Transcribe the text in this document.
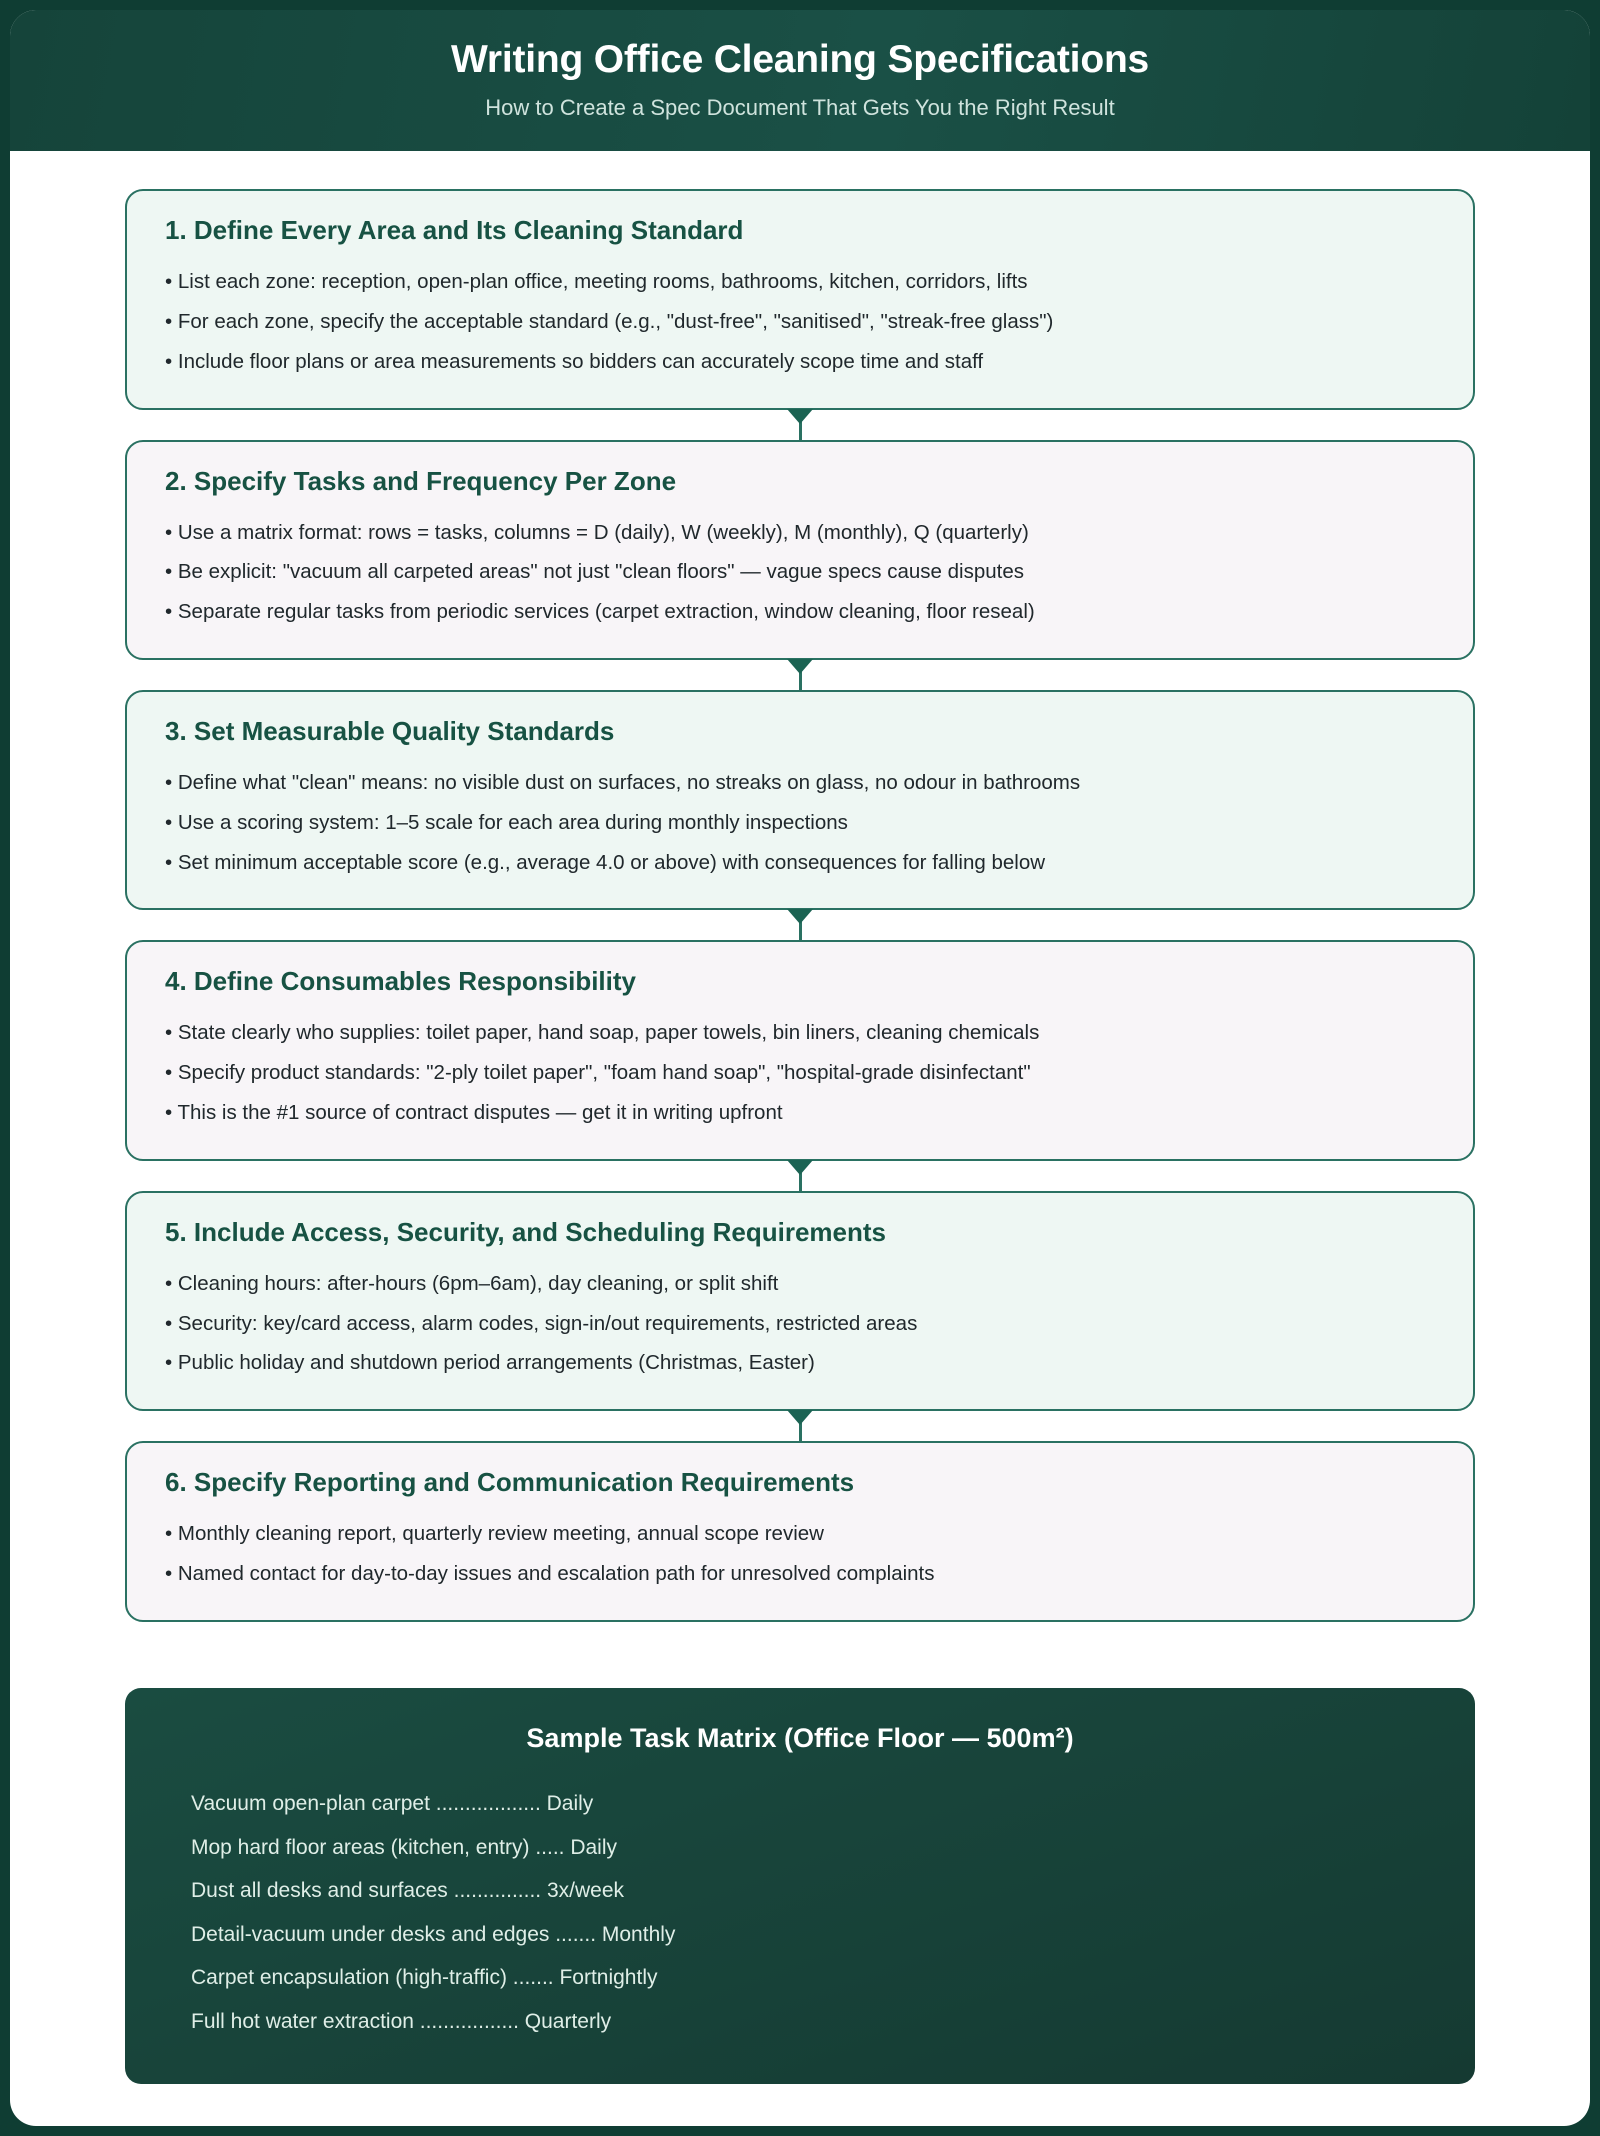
Writing Office Cleaning Specifications
How to Create a Spec Document That Gets You the Right Result
1. Define Every Area and Its Cleaning Standard
• List each zone: reception, open-plan office, meeting rooms, bathrooms, kitchen, corridors, lifts
• For each zone, specify the acceptable standard (e.g., "dust-free", "sanitised", "streak-free glass")
• Include floor plans or area measurements so bidders can accurately scope time and staff
2. Specify Tasks and Frequency Per Zone
• Use a matrix format: rows = tasks, columns = D (daily), W (weekly), M (monthly), Q (quarterly)
• Be explicit: "vacuum all carpeted areas" not just "clean floors" — vague specs cause disputes
• Separate regular tasks from periodic services (carpet extraction, window cleaning, floor reseal)
3. Set Measurable Quality Standards
• Define what "clean" means: no visible dust on surfaces, no streaks on glass, no odour in bathrooms
• Use a scoring system: 1–5 scale for each area during monthly inspections
• Set minimum acceptable score (e.g., average 4.0 or above) with consequences for falling below
4. Define Consumables Responsibility
• State clearly who supplies: toilet paper, hand soap, paper towels, bin liners, cleaning chemicals
• Specify product standards: "2-ply toilet paper", "foam hand soap", "hospital-grade disinfectant"
• This is the #1 source of contract disputes — get it in writing upfront
5. Include Access, Security, and Scheduling Requirements
• Cleaning hours: after-hours (6pm–6am), day cleaning, or split shift
• Security: key/card access, alarm codes, sign-in/out requirements, restricted areas
• Public holiday and shutdown period arrangements (Christmas, Easter)
6. Specify Reporting and Communication Requirements
• Monthly cleaning report, quarterly review meeting, annual scope review
• Named contact for day-to-day issues and escalation path for unresolved complaints
Sample Task Matrix (Office Floor — 500m²)
Vacuum open-plan carpet .................. Daily
Mop hard floor areas (kitchen, entry) ..... Daily
Dust all desks and surfaces ............... 3x/week
Detail-vacuum under desks and edges ....... Monthly
Carpet encapsulation (high-traffic) ....... Fortnightly
Full hot water extraction ................. Quarterly
